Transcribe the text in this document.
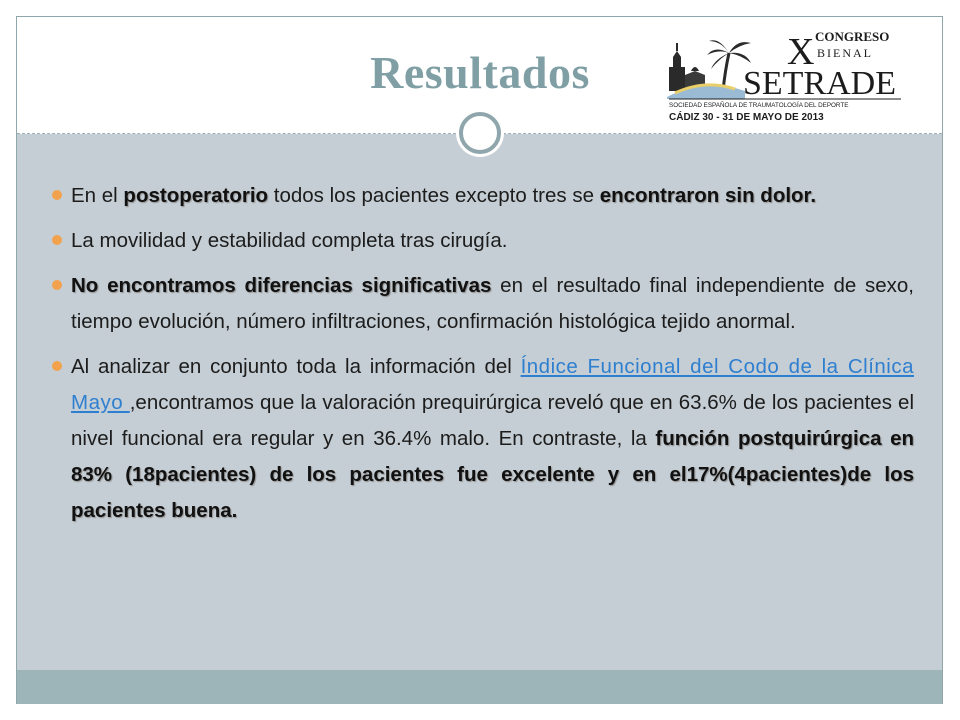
Resultados	X CONGRESO
BIENAL
SETRADE
SOCIEDAD ESPAÑOLA DE TRAUMATOLOGÍA DEL DEPORTE
CÁDIZ 30 - 31 DE MAYO DE 2013
En el postoperatorio todos los pacientes excepto tres se encontraron sin dolor.
La movilidad y estabilidad completa tras cirugía.
No encontramos diferencias significativas en el resultado final independiente de sexo, tiempo evolución, número infiltraciones, confirmación histológica tejido anormal.
Al analizar en conjunto toda la información del Índice Funcional del Codo de la Clínica Mayo ,encontramos que la valoración prequirúrgica reveló que en 63.6% de los pacientes el nivel funcional era regular y en 36.4% malo. En contraste, la función postquirúrgica en 83% (18pacientes) de los pacientes fue excelente y en el17%(4pacientes)de los pacientes buena.
